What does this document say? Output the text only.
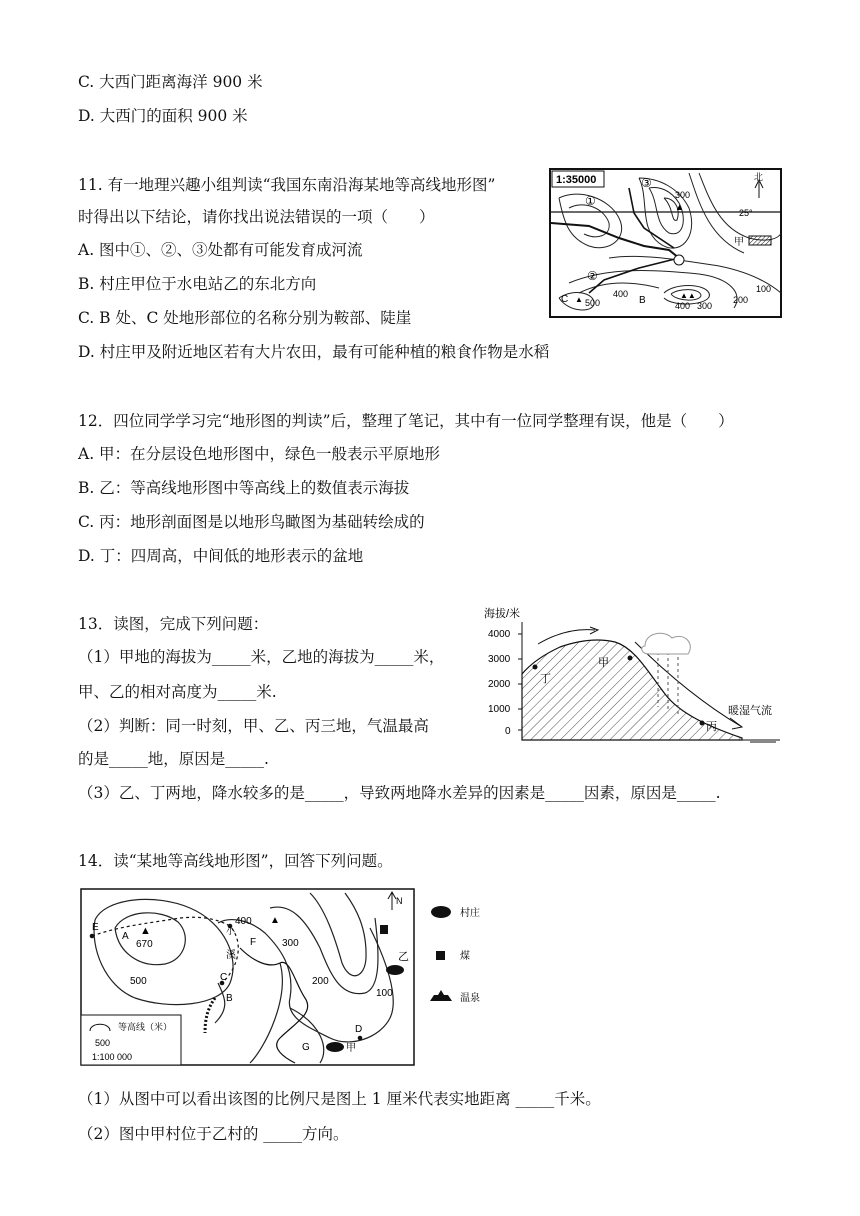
C. 大西门距离海洋 900 米
D. 大西门的面积 900 米
11. 有一地理兴趣小组判读“我国东南沿海某地等高线地形图”
时得出以下结论，请你找出说法错误的一项（　　）
A. 图中①、②、③处都有可能发育成河流
B. 村庄甲位于水电站乙的东北方向
C. B 处、C 处地形部位的名称分别为鞍部、陡崖
D. 村庄甲及附近地区若有大片农田，最有可能种植的粮食作物是水稻
1:35000	北
25°
①
③
②
300
▲
甲
C ▲ 500
400
B	▲▲
400 300
200
100
12．四位同学学习完“地形图的判读”后，整理了笔记，其中有一位同学整理有误，他是（　　）
A. 甲：在分层设色地形图中，绿色一般表示平原地形
B. 乙：等高线地形图中等高线上的数值表示海拔
C. 丙：地形剖面图是以地形鸟瞰图为基础转绘成的
D. 丁：四周高，中间低的地形表示的盆地
13．读图，完成下列问题：
（1）甲地的海拔为_____米，乙地的海拔为_____米，
甲、乙的相对高度为_____米.
（2）判断：同一时刻，甲、乙、丙三地，气温最高
的是_____地，原因是_____.
（3）乙、丁两地，降水较多的是_____，导致两地降水差异的因素是_____因素，原因是_____.
海拔/米
4000
3000
2000
1000
0
丁
甲
丙
暖湿气流
14．读“某地等高线地形图”，回答下列问题。
E
A ▲
670
500	C
B
400 ▲
小
F	300
溪
200
100
D
G	甲
乙
N
等高线（米）
500
1:100 000
村庄
煤
温泉
（1）从图中可以看出该图的比例尺是图上 1 厘米代表实地距离 _____千米。
（2）图中甲村位于乙村的 _____方向。
